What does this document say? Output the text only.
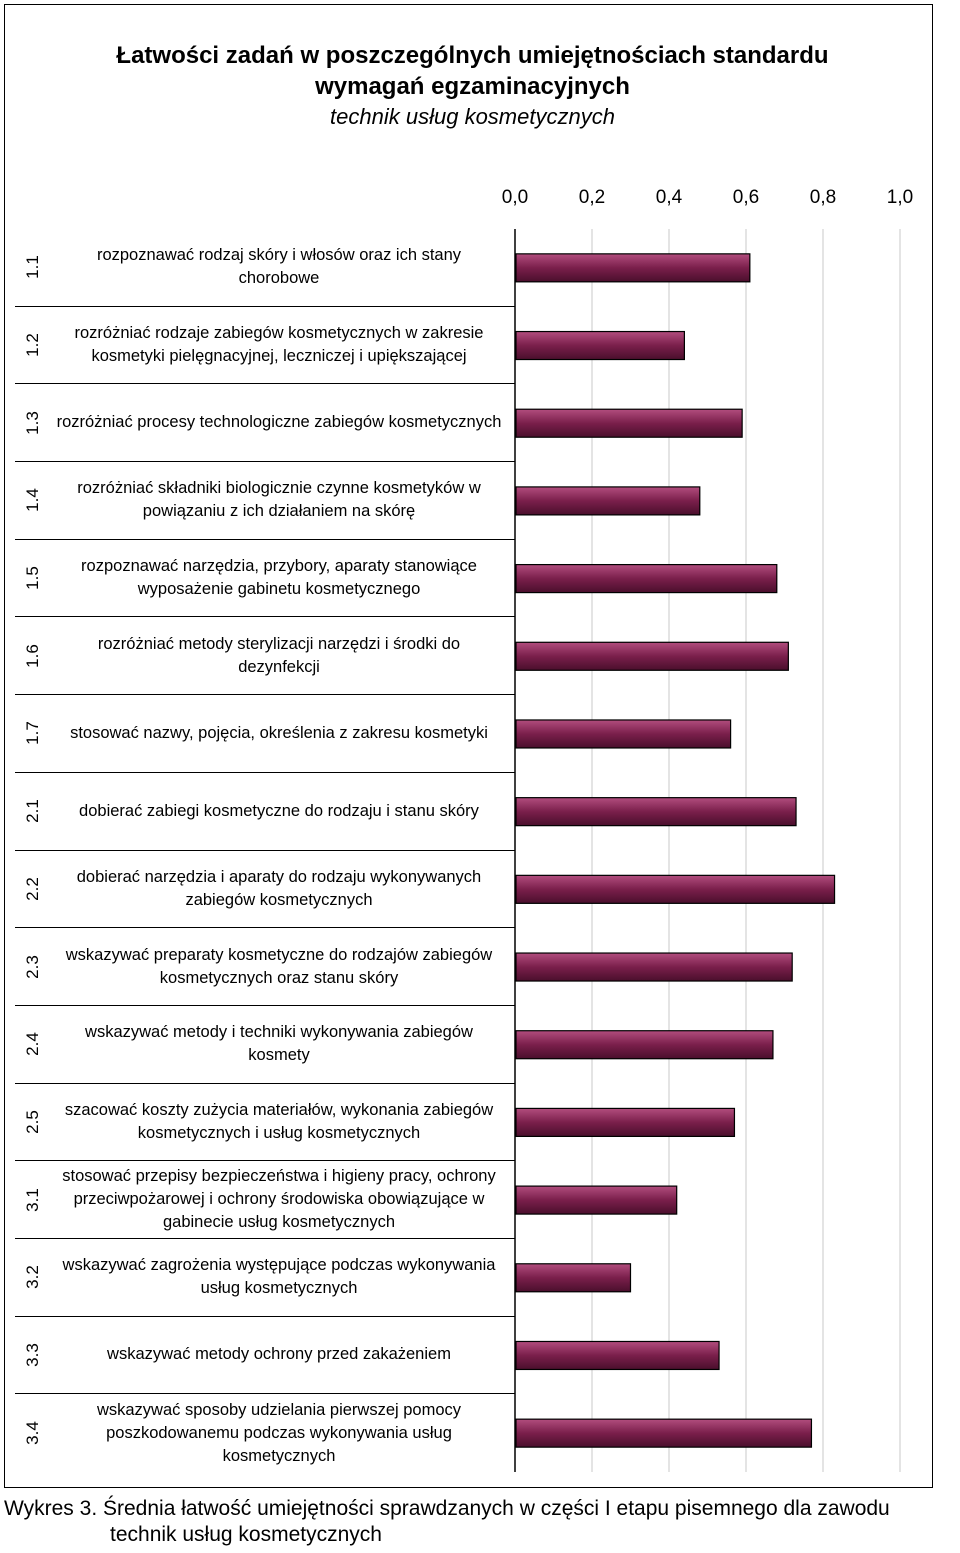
Łatwości zadań w poszczególnych umiejętnościach standardu
wymagań egzaminacyjnych
technik usług kosmetycznych
0,0	0,2	0,4	0,6	0,8	1,0
1.1
rozpoznawać rodzaj skóry i włosów oraz ich stany chorobowe
1.2
rozróżniać rodzaje zabiegów kosmetycznych w zakresie kosmetyki pielęgnacyjnej, leczniczej i upiększającej
1.3 rozróżniać procesy technologiczne zabiegów kosmetycznych
1.4
rozróżniać składniki biologicznie czynne kosmetyków w powiązaniu z ich działaniem na skórę
1.5
rozpoznawać narzędzia, przybory, aparaty stanowiące wyposażenie gabinetu kosmetycznego
1.6
rozróżniać metody sterylizacji narzędzi i środki do dezynfekcji
1.7	stosować nazwy, pojęcia, określenia z zakresu kosmetyki
2.1	dobierać zabiegi kosmetyczne do rodzaju i stanu skóry
2.2
dobierać narzędzia i aparaty do rodzaju wykonywanych zabiegów kosmetycznych
2.3
wskazywać preparaty kosmetyczne do rodzajów zabiegów kosmetycznych oraz stanu skóry
2.4
wskazywać metody i techniki wykonywania zabiegów kosmety
2.5
szacować koszty zużycia materiałów, wykonania zabiegów kosmetycznych i usług kosmetycznych
3.1
stosować przepisy bezpieczeństwa i higieny pracy, ochrony przeciwpożarowej i ochrony środowiska obowiązujące w gabinecie usług kosmetycznych
3.2
wskazywać zagrożenia występujące podczas wykonywania usług kosmetycznych
3.3	wskazywać metody ochrony przed zakażeniem
3.4
wskazywać sposoby udzielania pierwszej pomocy poszkodowanemu podczas wykonywania usług kosmetycznych
Wykres 3. Średnia łatwość umiejętności sprawdzanych w części I etapu pisemnego dla zawodu
technik usług kosmetycznych
